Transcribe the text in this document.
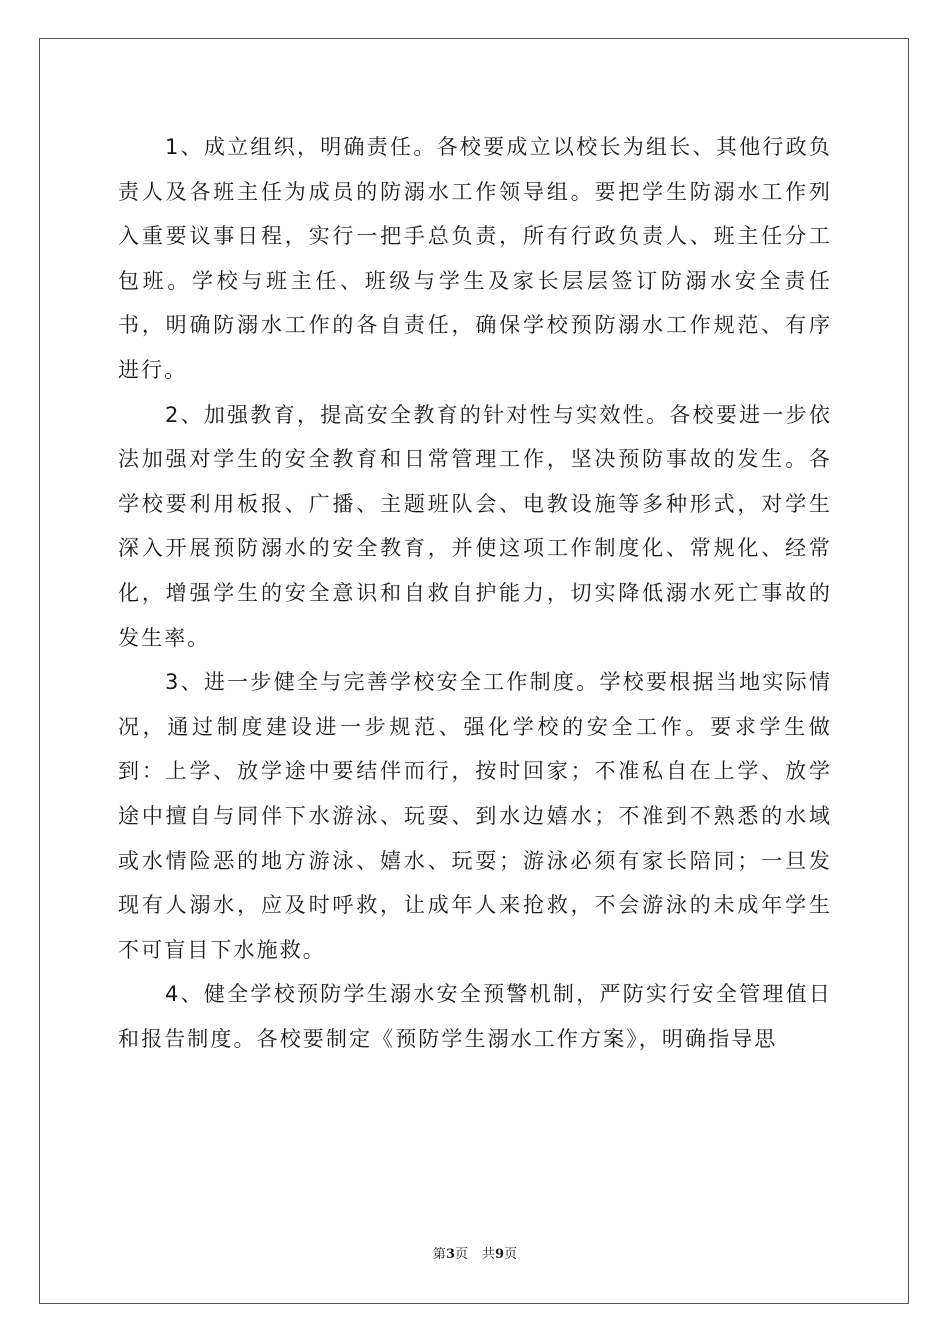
1、成立组织，明确责任。各校要成立以校长为组长、其他行政负责人及各班主任为成员的防溺水工作领导组。要把学生防溺水工作列入重要议事日程，实行一把手总负责，所有行政负责人、班主任分工包班。学校与班主任、班级与学生及家长层层签订防溺水安全责任书，明确防溺水工作的各自责任，确保学校预防溺水工作规范、有序进行。

2、加强教育，提高安全教育的针对性与实效性。各校要进一步依法加强对学生的安全教育和日常管理工作，坚决预防事故的发生。各学校要利用板报、广播、主题班队会、电教设施等多种形式，对学生深入开展预防溺水的安全教育，并使这项工作制度化、常规化、经常化，增强学生的安全意识和自救自护能力，切实降低溺水死亡事故的发生率。

3、进一步健全与完善学校安全工作制度。学校要根据当地实际情况，通过制度建设进一步规范、强化学校的安全工作。要求学生做到：上学、放学途中要结伴而行，按时回家；不准私自在上学、放学途中擅自与同伴下水游泳、玩耍、到水边嬉水；不准到不熟悉的水域或水情险恶的地方游泳、嬉水、玩耍；游泳必须有家长陪同；一旦发现有人溺水，应及时呼救，让成年人来抢救，不会游泳的未成年学生不可盲目下水施救。

4、健全学校预防学生溺水安全预警机制，严防实行安全管理值日和报告制度。各校要制定《预防学生溺水工作方案》，明确指导思

第3页 共9页
